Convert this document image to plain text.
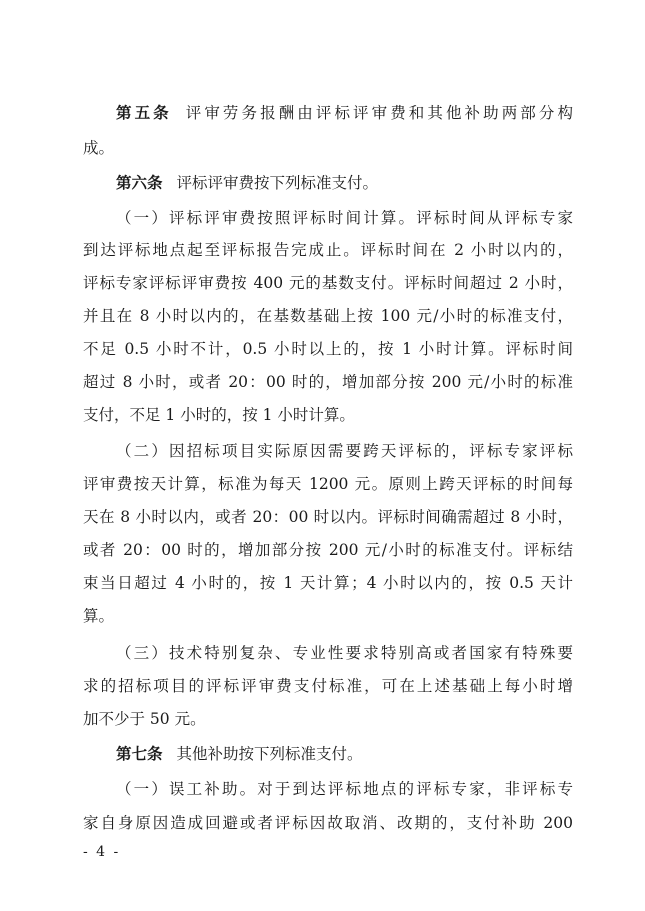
第五条 评审劳务报酬由评标评审费和其他补助两部分构
成。
第六条 评标评审费按下列标准支付。
（一）评标评审费按照评标时间计算。评标时间从评标专家
到达评标地点起至评标报告完成止。评标时间在 2 小时以内的，
评标专家评标评审费按 400 元的基数支付。评标时间超过 2 小时，
并且在 8 小时以内的，在基数基础上按 100 元/小时的标准支付，
不足 0.5 小时不计，0.5 小时以上的，按 1 小时计算。评标时间
超过 8 小时，或者 20：00 时的，增加部分按 200 元/小时的标准
支付，不足 1 小时的，按 1 小时计算。
（二）因招标项目实际原因需要跨天评标的，评标专家评标
评审费按天计算，标准为每天 1200 元。原则上跨天评标的时间每
天在 8 小时以内，或者 20：00 时以内。评标时间确需超过 8 小时，
或者 20：00 时的，增加部分按 200 元/小时的标准支付。评标结
束当日超过 4 小时的，按 1 天计算；4 小时以内的，按 0.5 天计
算。
（三）技术特别复杂、专业性要求特别高或者国家有特殊要
求的招标项目的评标评审费支付标准，可在上述基础上每小时增
加不少于 50 元。
第七条 其他补助按下列标准支付。
（一）误工补助。对于到达评标地点的评标专家，非评标专
家自身原因造成回避或者评标因故取消、改期的，支付补助 200
- 4 -
